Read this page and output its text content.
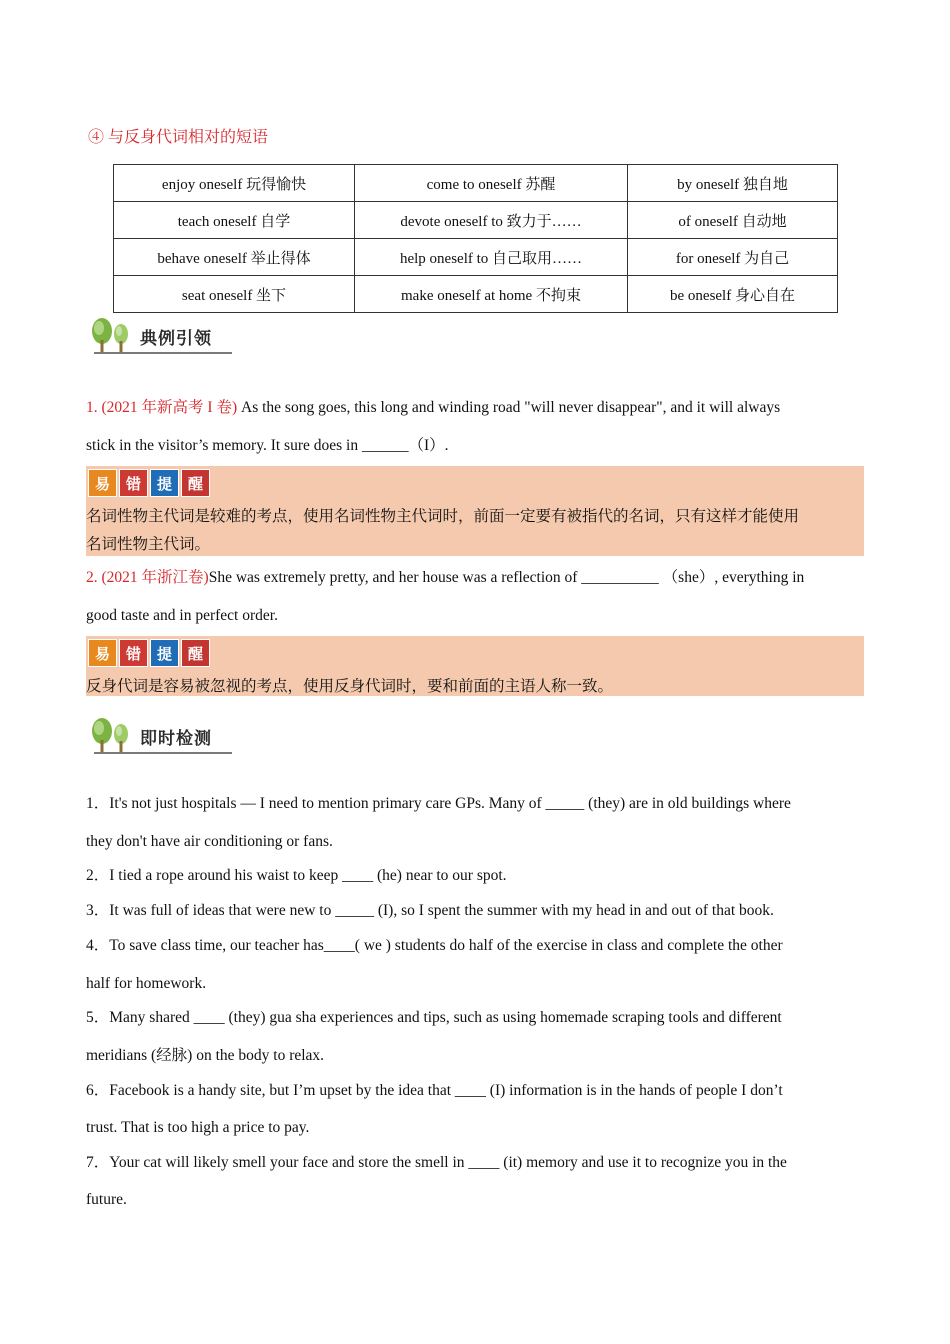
④ 与反身代词相对的短语
enjoy oneself 玩得愉快	come to oneself 苏醒	by oneself 独自地
teach oneself 自学	devote oneself to 致力于……	of oneself 自动地
behave oneself 举止得体	help oneself to 自己取用……	for oneself 为自己
seat oneself 坐下	make oneself at home 不拘束	be oneself 身心自在
典例引领
1. (2021 年新高考 I 卷) As the song goes, this long and winding road "will never disappear", and it will always
stick in the visitor’s memory. It sure does in ______（I）.
易	错	提	醒
名词性物主代词是较难的考点，使用名词性物主代词时，前面一定要有被指代的名词，只有这样才能使用
名词性物主代词。
2. (2021 年浙江卷)She was extremely pretty, and her house was a reflection of __________ （she）, everything in
good taste and in perfect order.
易	错	提	醒
反身代词是容易被忽视的考点，使用反身代词时，要和前面的主语人称一致。
即时检测
1．It's not just hospitals — I need to mention primary care GPs. Many of _____ (they) are in old buildings where
they don't have air conditioning or fans.
2．I tied a rope around his waist to keep ____ (he) near to our spot.
3．It was full of ideas that were new to _____ (I), so I spent the summer with my head in and out of that book.
4．To save class time, our teacher has____( we ) students do half of the exercise in class and complete the other
half for homework.
5．Many shared ____ (they) gua sha experiences and tips, such as using homemade scraping tools and different
meridians (经脉) on the body to relax.
6．Facebook is a handy site, but I’m upset by the idea that ____ (I) information is in the hands of people I don’t
trust. That is too high a price to pay.
7．Your cat will likely smell your face and store the smell in ____ (it) memory and use it to recognize you in the
future.
